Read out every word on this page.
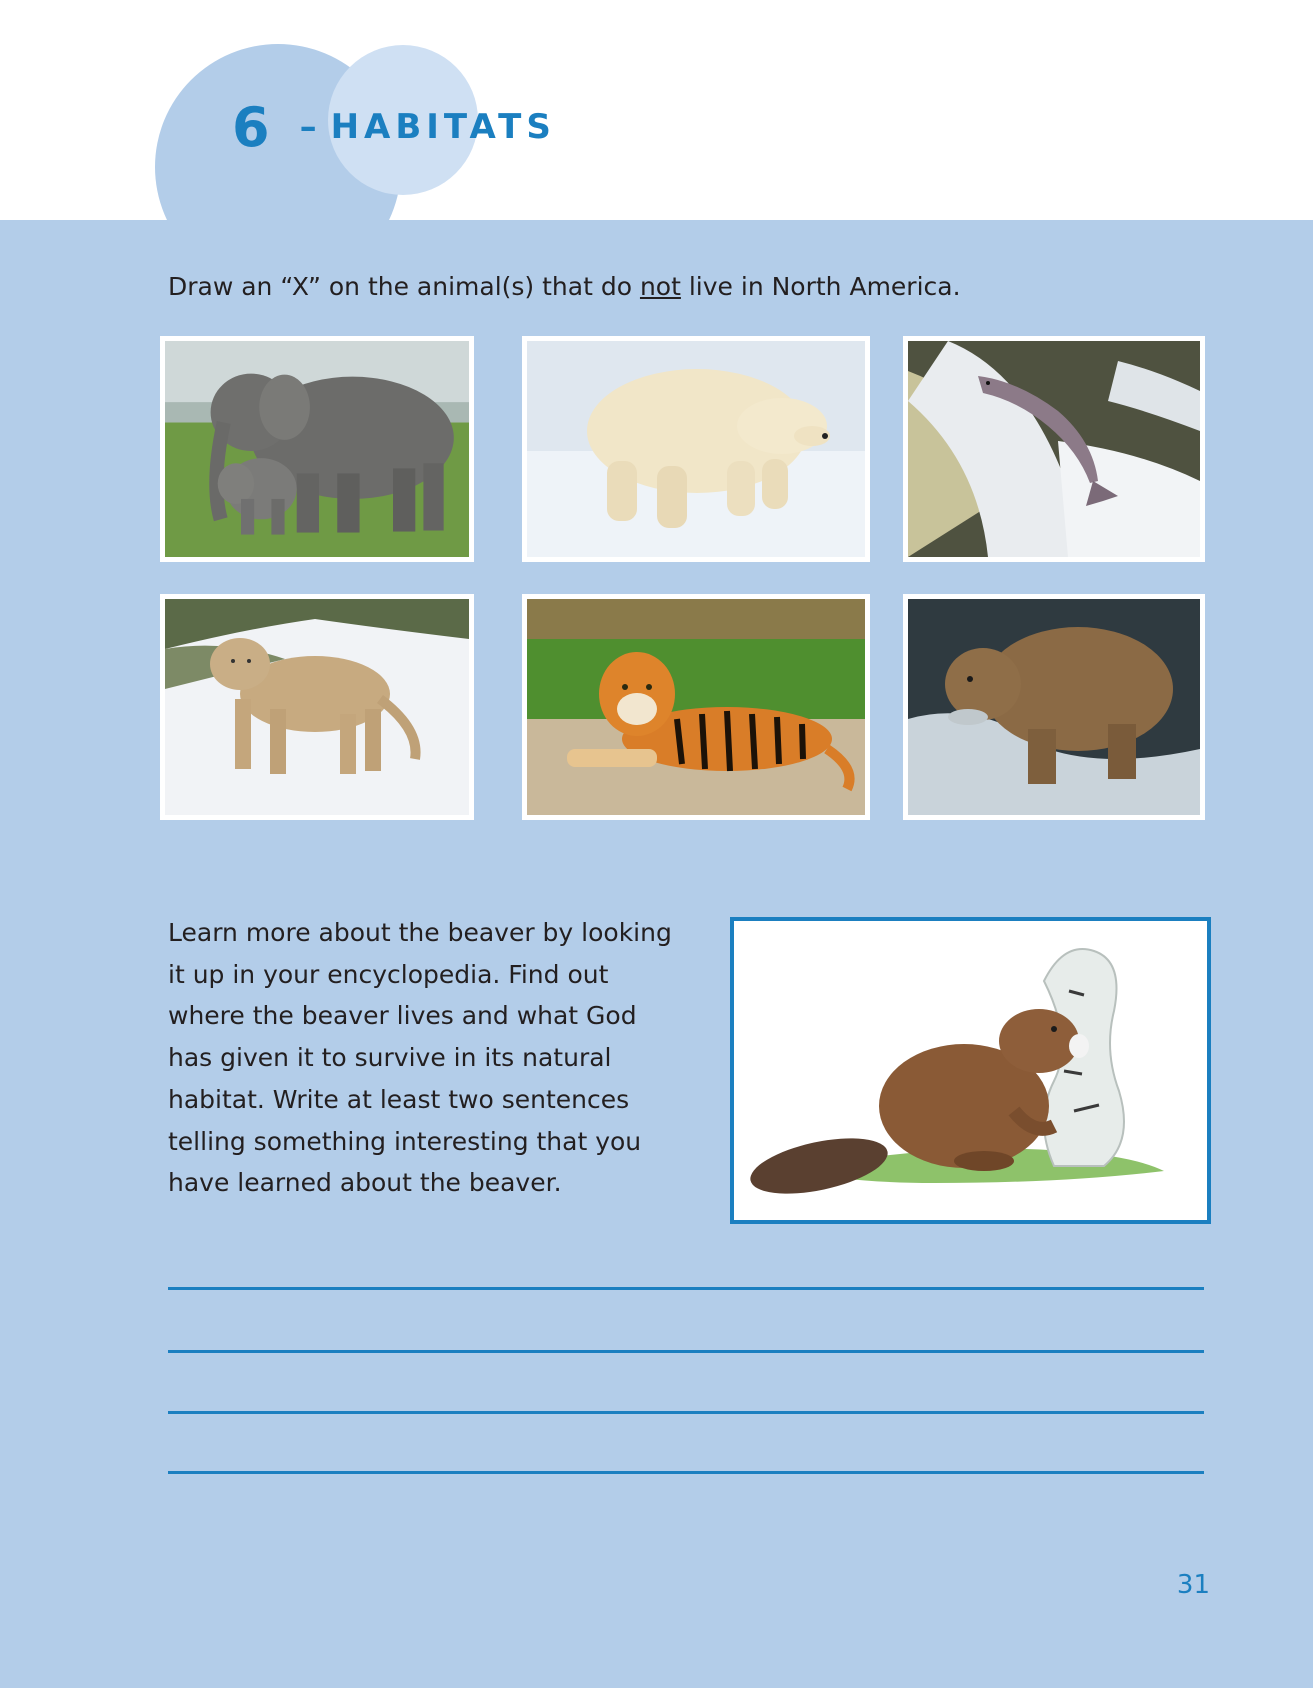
6 – HABITATS
Draw an “X” on the animal(s) that do not live in North America.
Learn more about the beaver by looking
it up in your encyclopedia. Find out
where the beaver lives and what God
has given it to survive in its natural
habitat. Write at least two sentences
telling something interesting that you
have learned about the beaver.
31
